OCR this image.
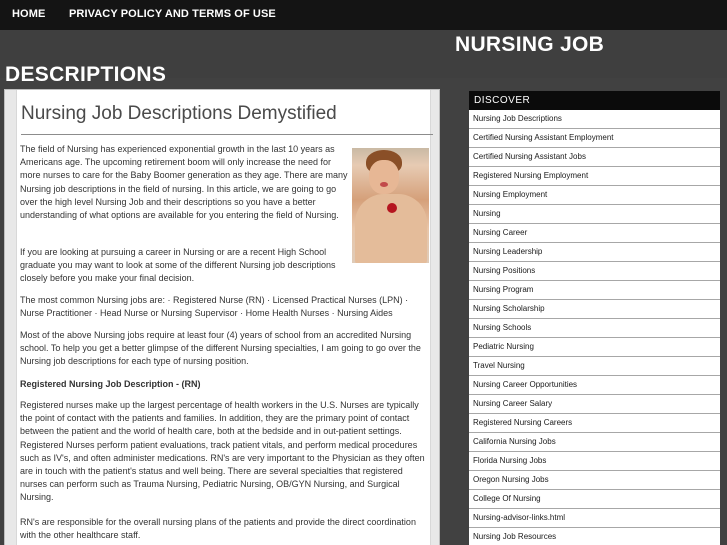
HOME PRIVACY POLICY AND TERMS OF USE
NURSING JOB
DESCRIPTIONS
Nursing Job Descriptions Demystified

The field of Nursing has experienced exponential growth in the last 10 years as Americans age. The upcoming retirement boom will only increase the need for more nurses to care for the Baby Boomer generation as they age. There are many Nursing job descriptions in the field of nursing. In this article, we are going to go over the high level Nursing Job and their descriptions so you have a better understanding of what options are available for you entering the field of Nursing.

If you are looking at pursuing a career in Nursing or are a recent High School graduate you may want to look at some of the different Nursing job descriptions closely before you make your final decision.

The most common Nursing jobs are: · Registered Nurse (RN) · Licensed Practical Nurses (LPN) · Nurse Practitioner · Head Nurse or Nursing Supervisor · Home Health Nurses · Nursing Aides

Most of the above Nursing jobs require at least four (4) years of school from an accredited Nursing school. To help you get a better glimpse of the different Nursing specialties, I am going to go over the Nursing job descriptions for each type of nursing position.

Registered Nursing Job Description - (RN)

Registered nurses make up the largest percentage of health workers in the U.S. Nurses are typically the point of contact with the patients and families. In addition, they are the primary point of contact between the patient and the world of health care, both at the bedside and in out-patient settings. Registered Nurses perform patient evaluations, track patient vitals, and perform medical procedures such as IV's, and often administer medications. RN's are very important to the Physician as they often are in touch with the patient's status and well being. There are several specialties that registered nurses can perform such as Trauma Nursing, Pediatric Nursing, OB/GYN Nursing, and Surgical Nursing.

RN's are responsible for the overall nursing plans of the patients and provide the direct coordination with the other healthcare staff.

DISCOVER
Nursing Job Descriptions
Certified Nursing Assistant Employment
Certified Nursing Assistant Jobs
Registered Nursing Employment
Nursing Employment
Nursing
Nursing Career
Nursing Leadership
Nursing Positions
Nursing Program
Nursing Scholarship
Nursing Schools
Pediatric Nursing
Travel Nursing
Nursing Career Opportunities
Nursing Career Salary
Registered Nursing Careers
California Nursing Jobs
Florida Nursing Jobs
Oregon Nursing Jobs
College Of Nursing
Nursing-advisor-links.html
Nursing Job Resources
